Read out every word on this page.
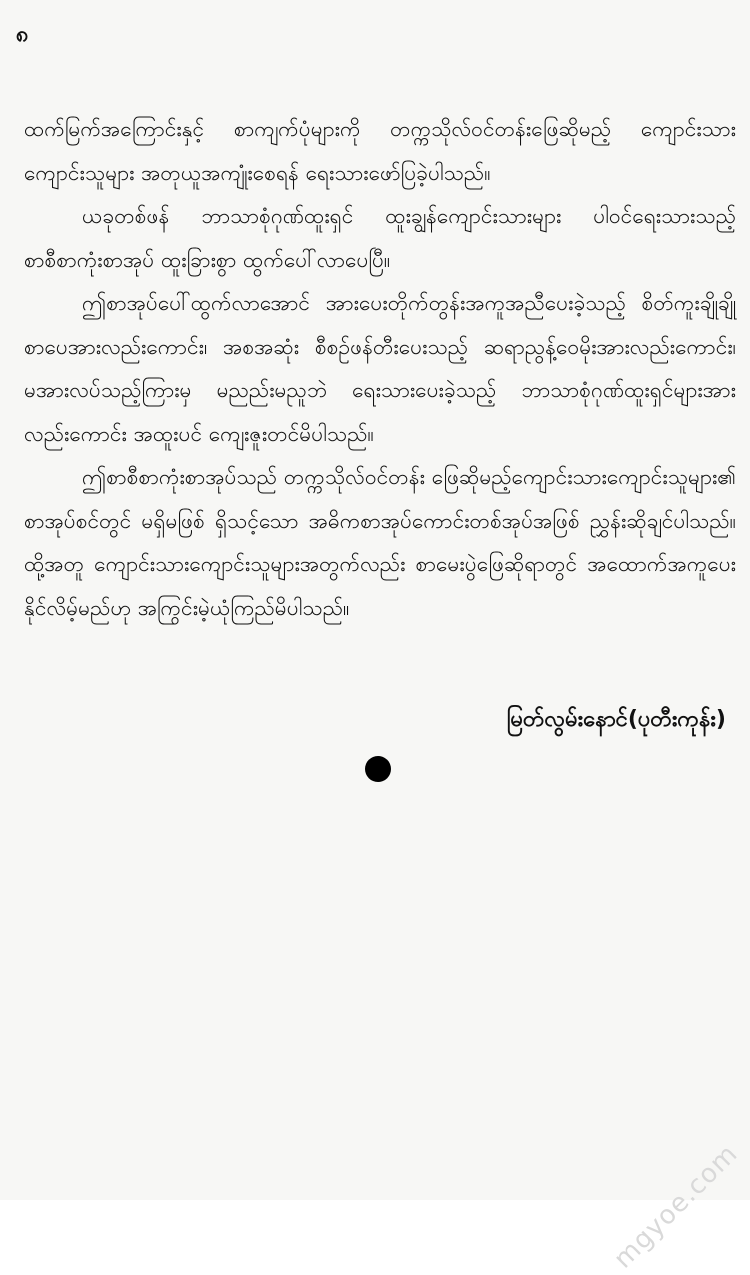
၈

ထက်မြက်အကြောင်းနှင့် စာကျက်ပုံများကို တက္ကသိုလ်ဝင်တန်းဖြေဆိုမည့် ကျောင်းသားကျောင်းသူများ အတုယူအကျုံးစေရန် ရေးသားဖော်ပြခဲ့ပါသည်။

ယခုတစ်ဖန် ဘာသာစုံဂုဏ်ထူးရှင် ထူးချွန်ကျောင်းသားများ ပါဝင်ရေးသားသည့် စာစီစာကုံးစာအုပ် ထူးခြားစွာ ထွက်ပေါ်လာပေပြီ။

ဤစာအုပ်ပေါ်ထွက်လာအောင် အားပေးတိုက်တွန်းအကူအညီပေးခဲ့သည့် စိတ်ကူးချိုချိုစာပေအားလည်းကောင်း၊ အစအဆုံး စီစဉ်ဖန်တီးပေးသည့် ဆရာညွန့်ဝေမိုးအားလည်းကောင်း၊ မအားလပ်သည့်ကြားမှ မညည်းမညူဘဲ ရေးသားပေးခဲ့သည့် ဘာသာစုံဂုဏ်ထူးရှင်များအားလည်းကောင်း အထူးပင် ကျေးဇူးတင်မိပါသည်။

ဤစာစီစာကုံးစာအုပ်သည် တက္ကသိုလ်ဝင်တန်း ဖြေဆိုမည့်ကျောင်းသားကျောင်းသူများ၏ စာအုပ်စင်တွင် မရှိမဖြစ် ရှိသင့်သော အဓိကစာအုပ်ကောင်းတစ်အုပ်အဖြစ် ညွှန်းဆိုချင်ပါသည်။ ထို့အတူ ကျောင်းသားကျောင်းသူများအတွက်လည်း စာမေးပွဲဖြေဆိုရာတွင် အထောက်အကူပေးနိုင်လိမ့်မည်ဟု အကြွင်းမဲ့ယုံကြည်မိပါသည်။

မြတ်လွမ်းနောင်(ပုတီးကုန်း)
mgyoe.com
